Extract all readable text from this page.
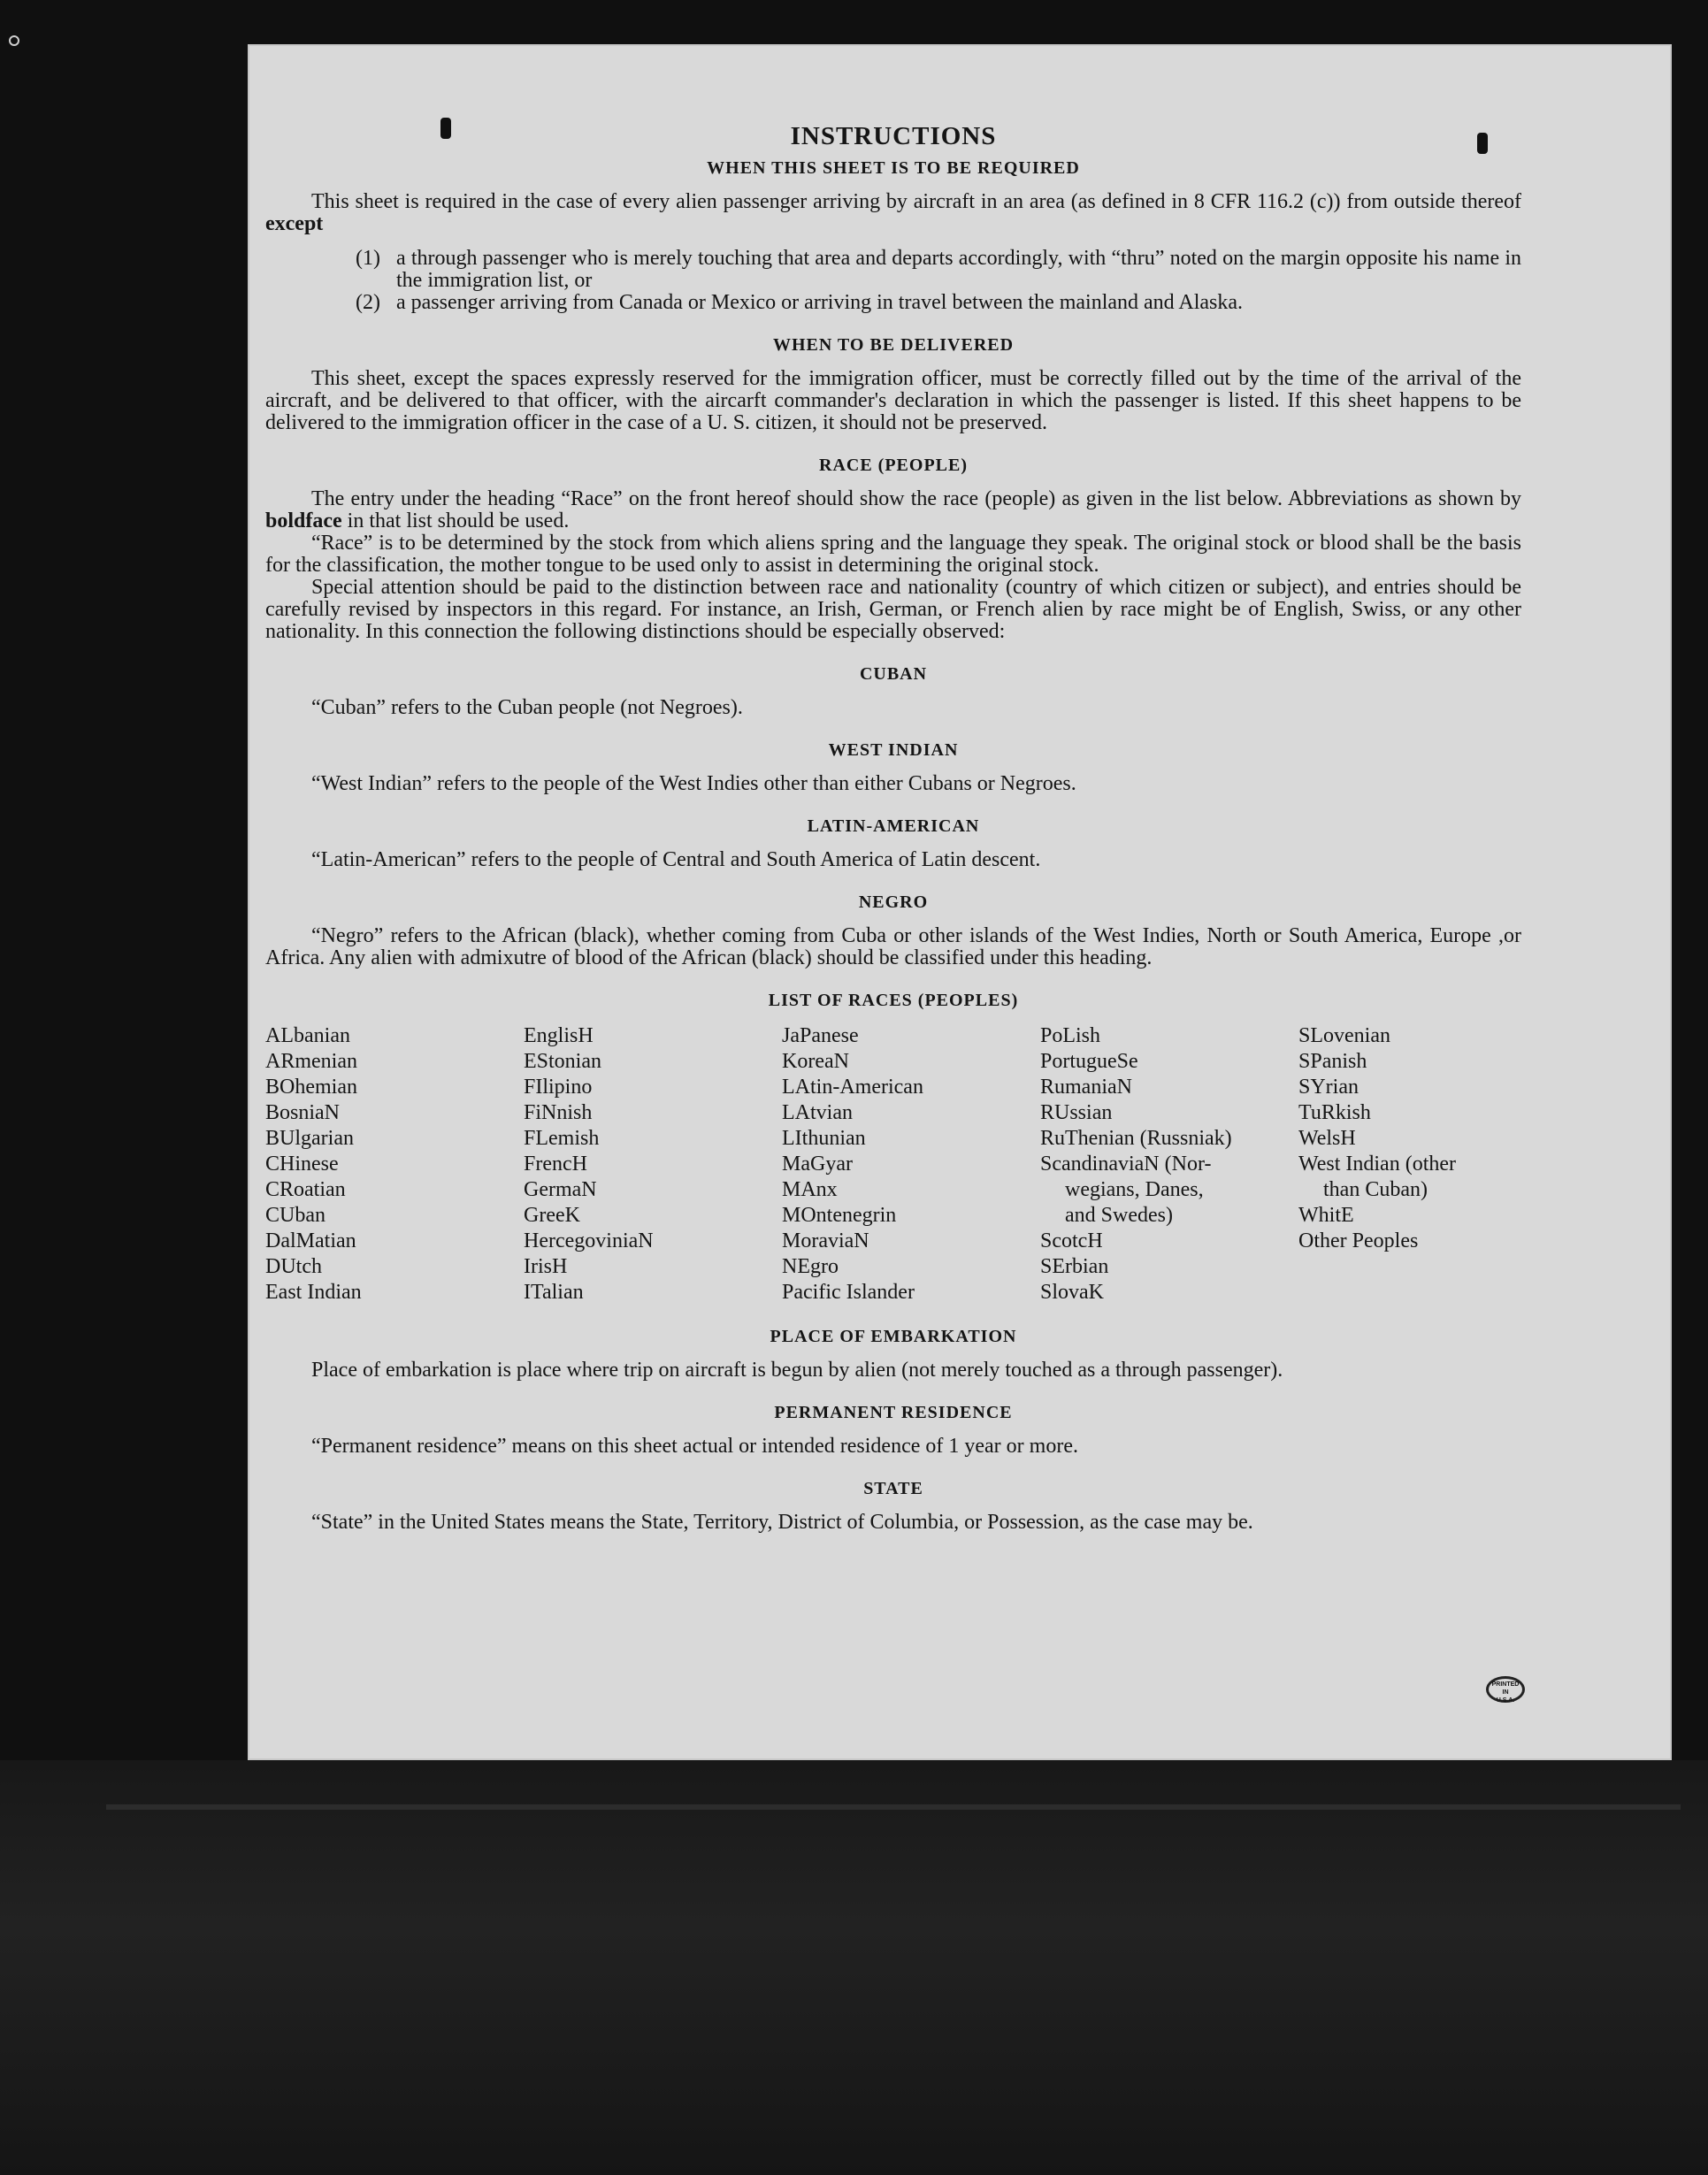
INSTRUCTIONS
WHEN THIS SHEET IS TO BE REQUIRED

This sheet is required in the case of every alien passenger arriving by aircraft in an area (as defined in 8 CFR 116.2 (c)) from outside thereof except

(1) a through passenger who is merely touching that area and departs accordingly, with “thru” noted on the margin opposite his name in the immigration list, or
(2) a passenger arriving from Canada or Mexico or arriving in travel between the mainland and Alaska.
WHEN TO BE DELIVERED

This sheet, except the spaces expressly reserved for the immigration officer, must be correctly filled out by the time of the arrival of the aircraft, and be delivered to that officer, with the aircarft commander's declaration in which the passenger is listed. If this sheet happens to be delivered to the immigration officer in the case of a U. S. citizen, it should not be preserved.

RACE (PEOPLE)

The entry under the heading “Race” on the front hereof should show the race (people) as given in the list below. Abbreviations as shown by boldface in that list should be used.

“Race” is to be determined by the stock from which aliens spring and the language they speak. The original stock or blood shall be the basis for the classification, the mother tongue to be used only to assist in determining the original stock.

Special attention should be paid to the distinction between race and nationality (country of which citizen or subject), and entries should be carefully revised by inspectors in this regard. For instance, an Irish, German, or French alien by race might be of English, Swiss, or any other nationality. In this connection the following distinctions should be especially observed:

CUBAN

“Cuban” refers to the Cuban people (not Negroes).

WEST INDIAN

“West Indian” refers to the people of the West Indies other than either Cubans or Negroes.

LATIN-AMERICAN

“Latin-American” refers to the people of Central and South America of Latin descent.

NEGRO

“Negro” refers to the African (black), whether coming from Cuba or other islands of the West Indies, North or South America, Europe ,or Africa. Any alien with admixutre of blood of the African (black) should be classified under this heading.

LIST OF RACES (PEOPLES)
ALbanian
ARmenian
BOhemian
BosniaN
BUlgarian
CHinese
CRoatian
CUban
DalMatian
DUtch
East Indian
EnglisH
EStonian
FIlipino
FiNnish
FLemish
FrencH
GermaN
GreeK
HercegoviniaN
IrisH
ITalian
JaPanese
KoreaN
LAtin-American
LAtvian
LIthunian
MaGyar
MAnx
MOntenegrin
MoraviaN
NEgro
Pacific Islander
PoLish
PortugueSe
RumaniaN
RUssian
RuThenian (Russniak)
ScandinaviaN (Nor-
wegians, Danes,
and Swedes)
ScotcH
SErbian
SlovaK
SLovenian
SPanish
SYrian
TuRkish
WelsH
West Indian (other
than Cuban)
WhitE
Other Peoples
PLACE OF EMBARKATION

Place of embarkation is place where trip on aircraft is begun by alien (not merely touched as a through passenger).

PERMANENT RESIDENCE

“Permanent residence” means on this sheet actual or intended residence of 1 year or more.

STATE

“State” in the United States means the State, Territory, District of Columbia, or Possession, as the case may be.

PRINTED
IN
U.S.A.
